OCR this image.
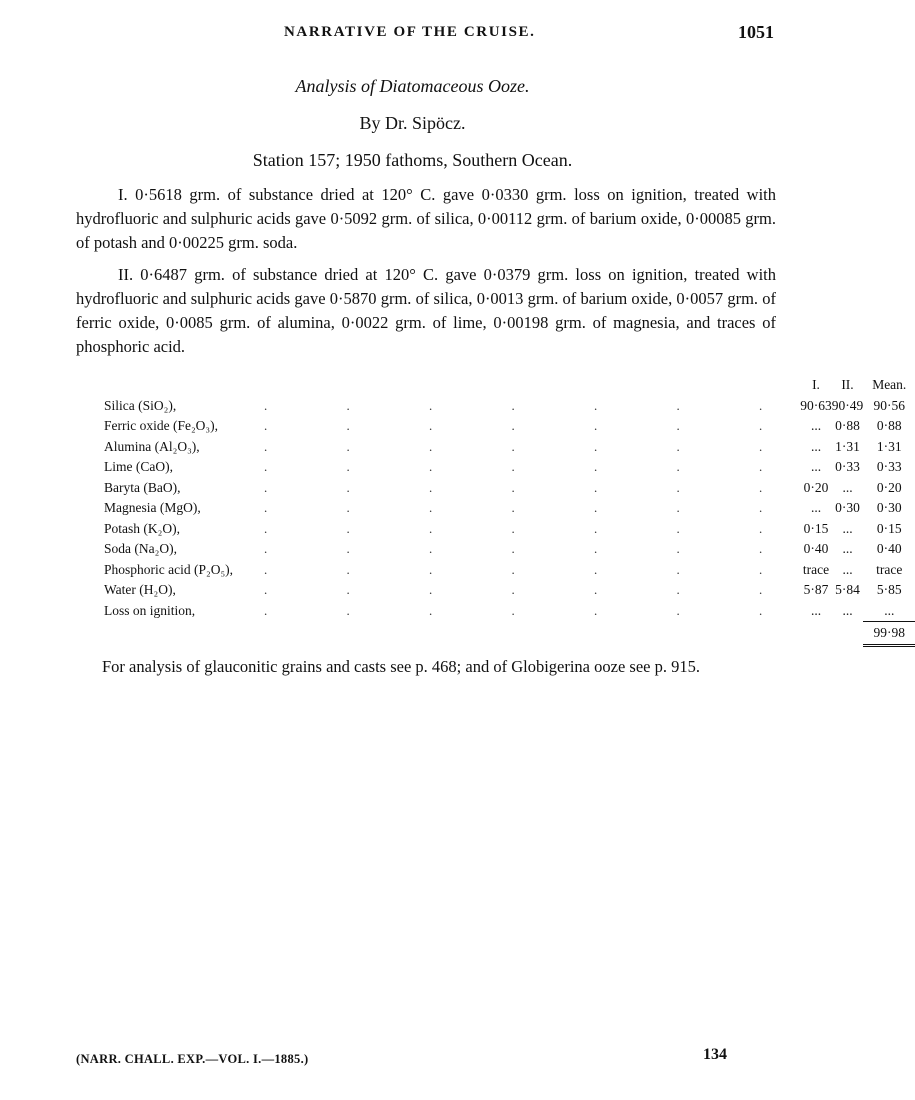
NARRATIVE OF THE CRUISE.	1051
Analysis of Diatomaceous Ooze.
By Dr. Sipöcz.
Station 157; 1950 fathoms, Southern Ocean.

I. 0·5618 grm. of substance dried at 120° C. gave 0·0330 grm. loss on ignition, treated with hydrofluoric and sulphuric acids gave 0·5092 grm. of silica, 0·00112 grm. of barium oxide, 0·00085 grm. of potash and 0·00225 grm. soda.

II. 0·6487 grm. of substance dried at 120° C. gave 0·0379 grm. loss on ignition, treated with hydrofluoric and sulphuric acids gave 0·5870 grm. of silica, 0·0013 grm. of barium oxide, 0·0057 grm. of ferric oxide, 0·0085 grm. of alumina, 0·0022 grm. of lime, 0·00198 grm. of magnesia, and traces of phosphoric acid.

	I.	II.	Mean.
Silica (SiO₂), . . . . . . .	90·63	90·49	90·56
Ferric oxide (Fe₂O₃), . . . . . . .	...	0·88	0·88
Alumina (Al₂O₃), . . . . . . .	...	1·31	1·31
Lime (CaO), . . . . . . .	...	0·33	0·33
Baryta (BaO), . . . . . . .	0·20	...	0·20
Magnesia (MgO), . . . . . . .	...	0·30	0·30
Potash (K₂O), . . . . . . .	0·15	...	0·15
Soda (Na₂O), . . . . . . .	0·40	...	0·40
Phosphoric acid (P₂O₅), . . . . . . .	trace	...	trace
Water (H₂O), . . . . . . .	5·87	5·84	5·85
Loss on ignition, . . . . . . .	...	...	...
			99·98

For analysis of glauconitic grains and casts see p. 468; and of Globigerina ooze see p. 915.

(NARR. CHALL. EXP.—VOL. I.—1885.)	134
